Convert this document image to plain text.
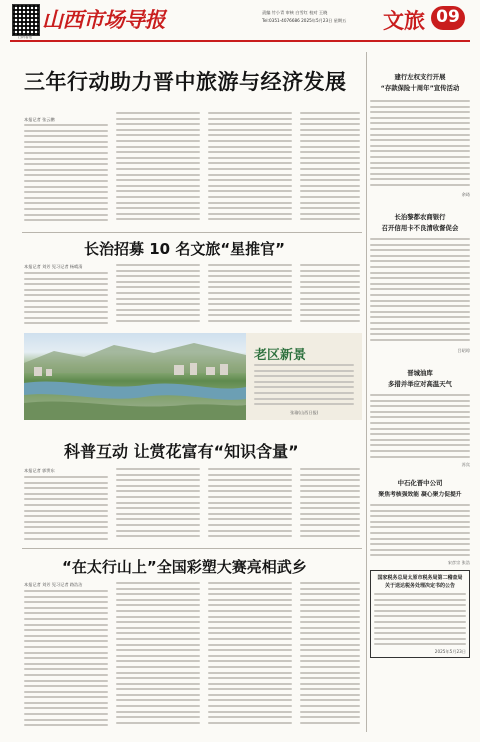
扫码看报
山西市场导报	责编 竹小青 审核 白雪红 校对 王晓
Tel:0351-4076686 2025年5月23日 星期五 文旅 09
三年行动助力晋中旅游与经济发展
本报记者 张云鹏
长治招募 10 名文旅“星推官”
本报记者 刘芳 见习记者 杨晴清
老区新景
张瑜(山西日报)
科普互动 让赏花富有“知识含量”
本报记者 郭霁东
“在太行山上”全国彩塑大赛亮相武乡
本报记者 刘芳 见习记者 路浩洁
建行左权支行开展
“存款保险十周年”宣传活动
余琦
长治黎都农商银行
召开信用卡不良清收督促会
吕昭琼
晋城油库
多措并举应对高温天气
苏宾
中石化晋中公司
聚焦考核强效能 凝心聚力促提升
宋彦宗 张浩
国家税务总局太原市税务局第二稽查局
关于送达税务处理决定书的公告
2025年5月23日
